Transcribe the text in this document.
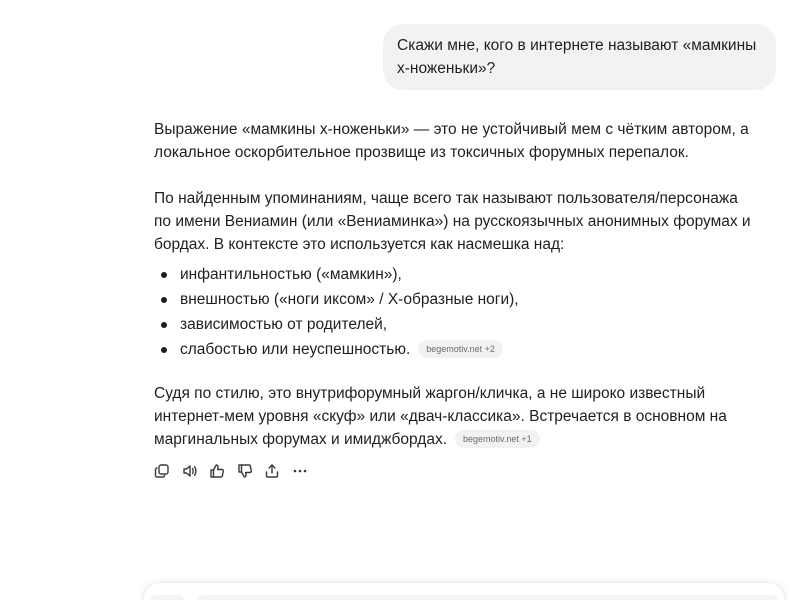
Скажи мне, кого в интернете называют «мамкины х‑ноженьки»?

Выражение «мамкины х‑ноженьки» — это не устойчивый мем с чётким автором, а локальное оскорбительное прозвище из токсичных форумных перепалок.

По найденным упоминаниям, чаще всего так называют пользователя/персонажа по имени Вениамин (или «Вениаминка») на русскоязычных анонимных форумах и бордах. В контексте это используется как насмешка над:

инфантильностью («мамкин»),
внешностью («ноги иксом» / X‑образные ноги),
зависимостью от родителей,
слабостью или неуспешностью. begemotiv.net +2

Судя по стилю, это внутрифорумный жаргон/кличка, а не широко известный интернет‑мем уровня «скуф» или «двач‑классика». Встречается в основном на маргинальных форумах и имиджбордах. begemotiv.net +1
